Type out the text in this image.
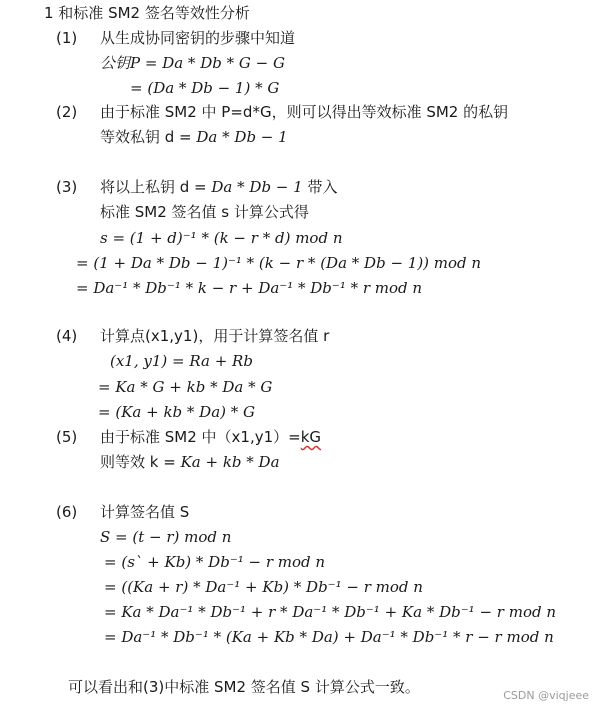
1 和标准 SM2 签名等效性分析
(1) 从生成协同密钥的步骤中知道
公钥P = Da * Db * G − G
= (Da * Db − 1) * G
(2) 由于标准 SM2 中 P=d*G，则可以得出等效标准 SM2 的私钥
等效私钥 d = Da * Db − 1
(3) 将以上私钥 d = Da * Db − 1 带入
标准 SM2 签名值 s 计算公式得
s = (1 + d)⁻¹ * (k − r * d) mod n
= (1 + Da * Db − 1)⁻¹ * (k − r * (Da * Db − 1)) mod n
= Da⁻¹ * Db⁻¹ * k − r + Da⁻¹ * Db⁻¹ * r mod n
(4) 计算点(x1,y1)，用于计算签名值 r
(x1, y1) = Ra + Rb
= Ka * G + kb * Da * G
= (Ka + kb * Da) * G
(5) 由于标准 SM2 中（x1,y1）=kG
则等效 k = Ka + kb * Da
(6) 计算签名值 S
S = (t − r) mod n
= (s` + Kb) * Db⁻¹ − r mod n
= ((Ka + r) * Da⁻¹ + Kb) * Db⁻¹ − r mod n
= Ka * Da⁻¹ * Db⁻¹ + r * Da⁻¹ * Db⁻¹ + Ka * Db⁻¹ − r mod n
= Da⁻¹ * Db⁻¹ * (Ka + Kb * Da) + Da⁻¹ * Db⁻¹ * r − r mod n
可以看出和(3)中标准 SM2 签名值 S 计算公式一致。	CSDN @viqjeee
